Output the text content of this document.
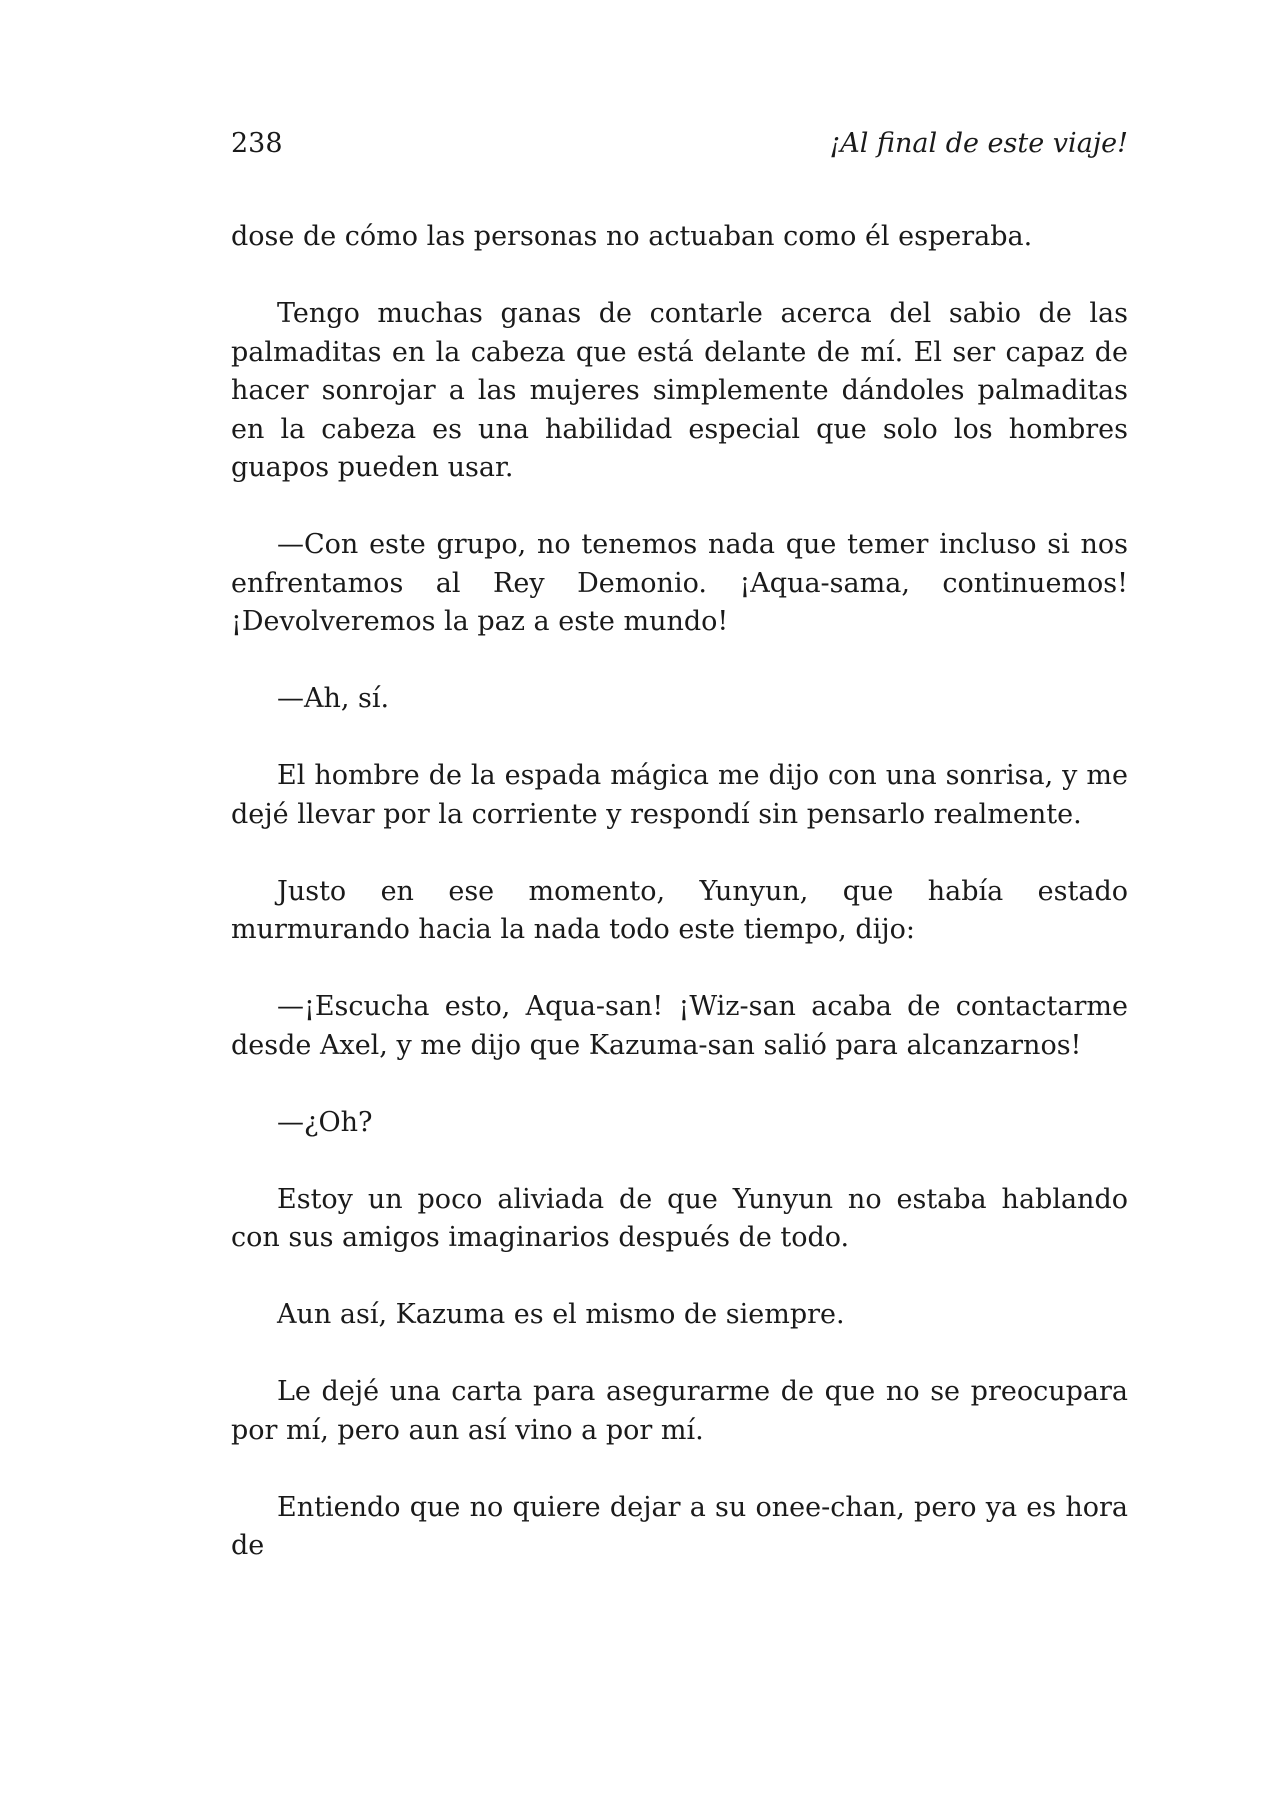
238	¡Al final de este viaje!

dose de cómo las personas no actuaban como él esperaba.

Tengo muchas ganas de contarle acerca del sabio de las palmaditas en la cabeza que está delante de mí. El ser capaz de hacer sonrojar a las mujeres simplemente dándoles palmaditas en la cabeza es una habilidad especial que solo los hombres guapos pueden usar.

—Con este grupo, no tenemos nada que temer incluso si nos enfrentamos al Rey Demonio. ¡Aqua-sama, continuemos! ¡Devolveremos la paz a este mundo!

—Ah, sí.

El hombre de la espada mágica me dijo con una sonrisa, y me dejé llevar por la corriente y respondí sin pensarlo realmente.

Justo en ese momento, Yunyun, que había estado murmurando hacia la nada todo este tiempo, dijo:

—¡Escucha esto, Aqua-san! ¡Wiz-san acaba de contactarme desde Axel, y me dijo que Kazuma-san salió para alcanzarnos!

—¿Oh?

Estoy un poco aliviada de que Yunyun no estaba hablando con sus amigos imaginarios después de todo.

Aun así, Kazuma es el mismo de siempre.

Le dejé una carta para asegurarme de que no se preocupara por mí, pero aun así vino a por mí.

Entiendo que no quiere dejar a su onee-chan, pero ya es hora de
